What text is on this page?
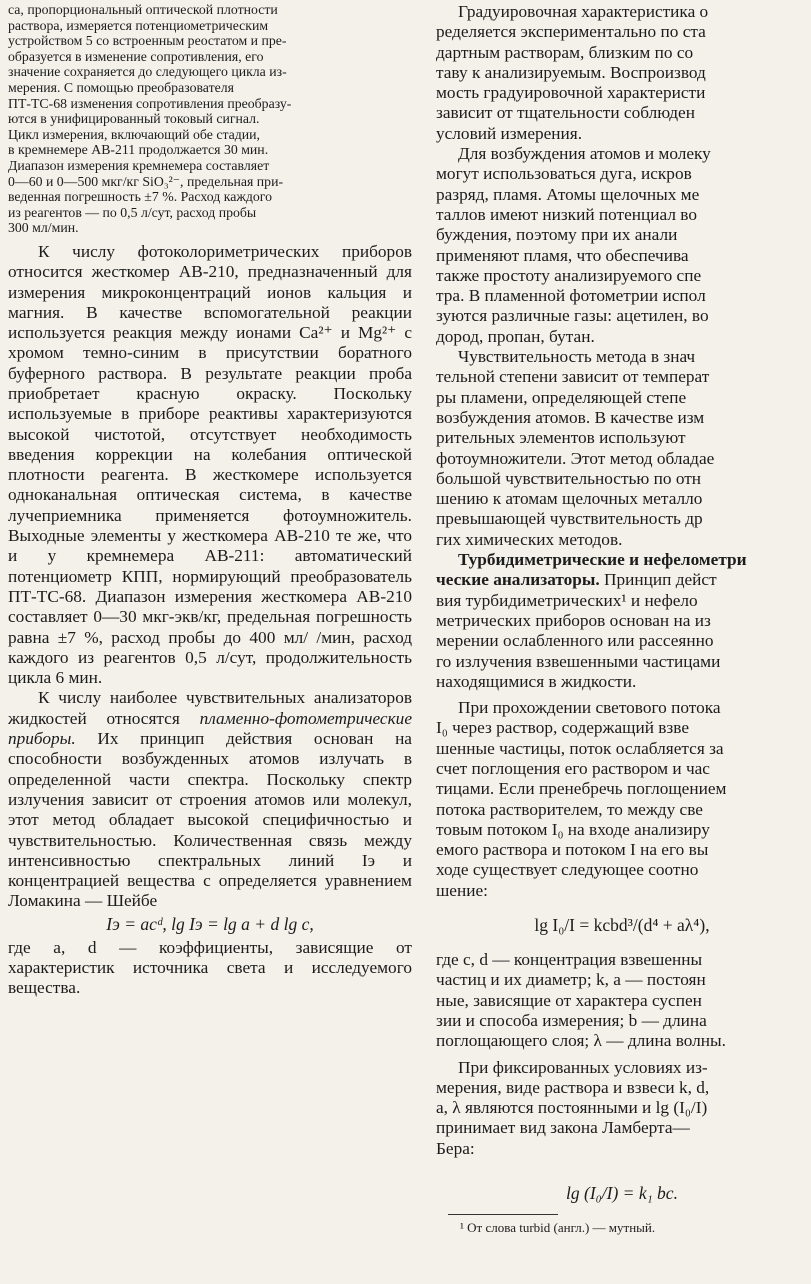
са, пропорциональный оптической плотности
раствора, измеряется потенциометрическим
устройством 5 со встроенным реостатом и пре-
образуется в изменение сопротивления, его
значение сохраняется до следующего цикла из-
мерения. С помощью преобразователя
ПТ-ТС-68 изменения сопротивления преобразу-
ются в унифицированный токовый сигнал.
Цикл измерения, включающий обе стадии,
в кремнемере АВ-211 продолжается 30 мин.
Диапазон измерения кремнемера составляет
0—60 и 0—500 мкг/кг SiO₃²⁻, предельная при-
веденная погрешность ±7 %. Расход каждого
из реагентов — по 0,5 л/сут, расход пробы
300 мл/мин.

К числу фотоколориметрических приборов относится жесткомер АВ-210, предназначенный для измерения микроконцентраций ионов кальция и магния. В качестве вспомогательной реакции используется реакция между ионами Ca²⁺ и Mg²⁺ с хромом темно-синим в присутствии боратного буферного раствора. В результате реакции проба приобретает красную окраску. Поскольку используемые в приборе реактивы характеризуются высокой чистотой, отсутствует необходимость введения коррекции на колебания оптической плотности реагента. В жесткомере используется одноканальная оптическая система, в качестве лучеприемника применяется фотоумножитель. Выходные элементы у жесткомера АВ-210 те же, что и у кремнемера АВ-211: автоматический потенциометр КПП, нормирующий преобразователь ПТ-ТС-68. Диапазон измерения жесткомера АВ-210 составляет 0—30 мкг-экв/кг, предельная погрешность равна ±7 %, расход пробы до 400 мл/ /мин, расход каждого из реагентов 0,5 л/сут, продолжительность цикла 6 мин.

К числу наиболее чувствительных анализаторов жидкостей относятся пламенно-фотометрические приборы. Их принцип действия основан на способности возбужденных атомов излучать в определенной части спектра. Поскольку спектр излучения зависит от строения атомов или молекул, этот метод обладает высокой специфичностью и чувствительностью. Количественная связь между интенсивностью спектральных линий Iэ и концентрацией вещества c определяется уравнением Ломакина — Шейбе

Iэ = acᵈ, lg Iэ = lg a + d lg c,

где a, d — коэффициенты, зависящие от характеристик источника света и исследуемого вещества.

Градуировочная характеристика о
ределяется экспериментально по ста
дартным растворам, близким по со
таву к анализируемым. Воспроизвод
мость градуировочной характеристи
зависит от тщательности соблюден
условий измерения.
Для возбуждения атомов и молеку
могут использоваться дуга, искров
разряд, пламя. Атомы щелочных ме
таллов имеют низкий потенциал во
буждения, поэтому при их анали
применяют пламя, что обеспечива
также простоту анализируемого спе
тра. В пламенной фотометрии испол
зуются различные газы: ацетилен, во
дород, пропан, бутан.
Чувствительность метода в знач
тельной степени зависит от температ
ры пламени, определяющей степе
возбуждения атомов. В качестве изм
рительных элементов используют
фотоумножители. Этот метод обладае
большой чувствительностью по отн
шению к атомам щелочных металло
превышающей чувствительность др
гих химических методов.
Турбидиметрические и нефелометри
ческие анализаторы. Принцип дейст
вия турбидиметрических¹ и нефело
метрических приборов основан на из
мерении ослабленного или рассеянно
го излучения взвешенными частицами
находящимися в жидкости.
При прохождении светового потока
I₀ через раствор, содержащий взве
шенные частицы, поток ослабляется за
счет поглощения его раствором и час
тицами. Если пренебречь поглощением
потока растворителем, то между све
товым потоком I₀ на входе анализиру
емого раствора и потоком I на его вы
ходе существует следующее соотно
шение:
lg I₀/I = kcbd³/(d⁴ + aλ⁴),
где c, d — концентрация взвешенны
частиц и их диаметр; k, a — постоян
ные, зависящие от характера суспен
зии и способа измерения; b — длина
поглощающего слоя; λ — длина волны.
При фиксированных условиях из-
мерения, виде раствора и взвеси k, d,
a, λ являются постоянными и lg (I₀/I)
принимает вид закона Ламберта—
Бера:
lg (I₀/I) = k₁ bc.
¹ От слова turbid (англ.) — мутный.
